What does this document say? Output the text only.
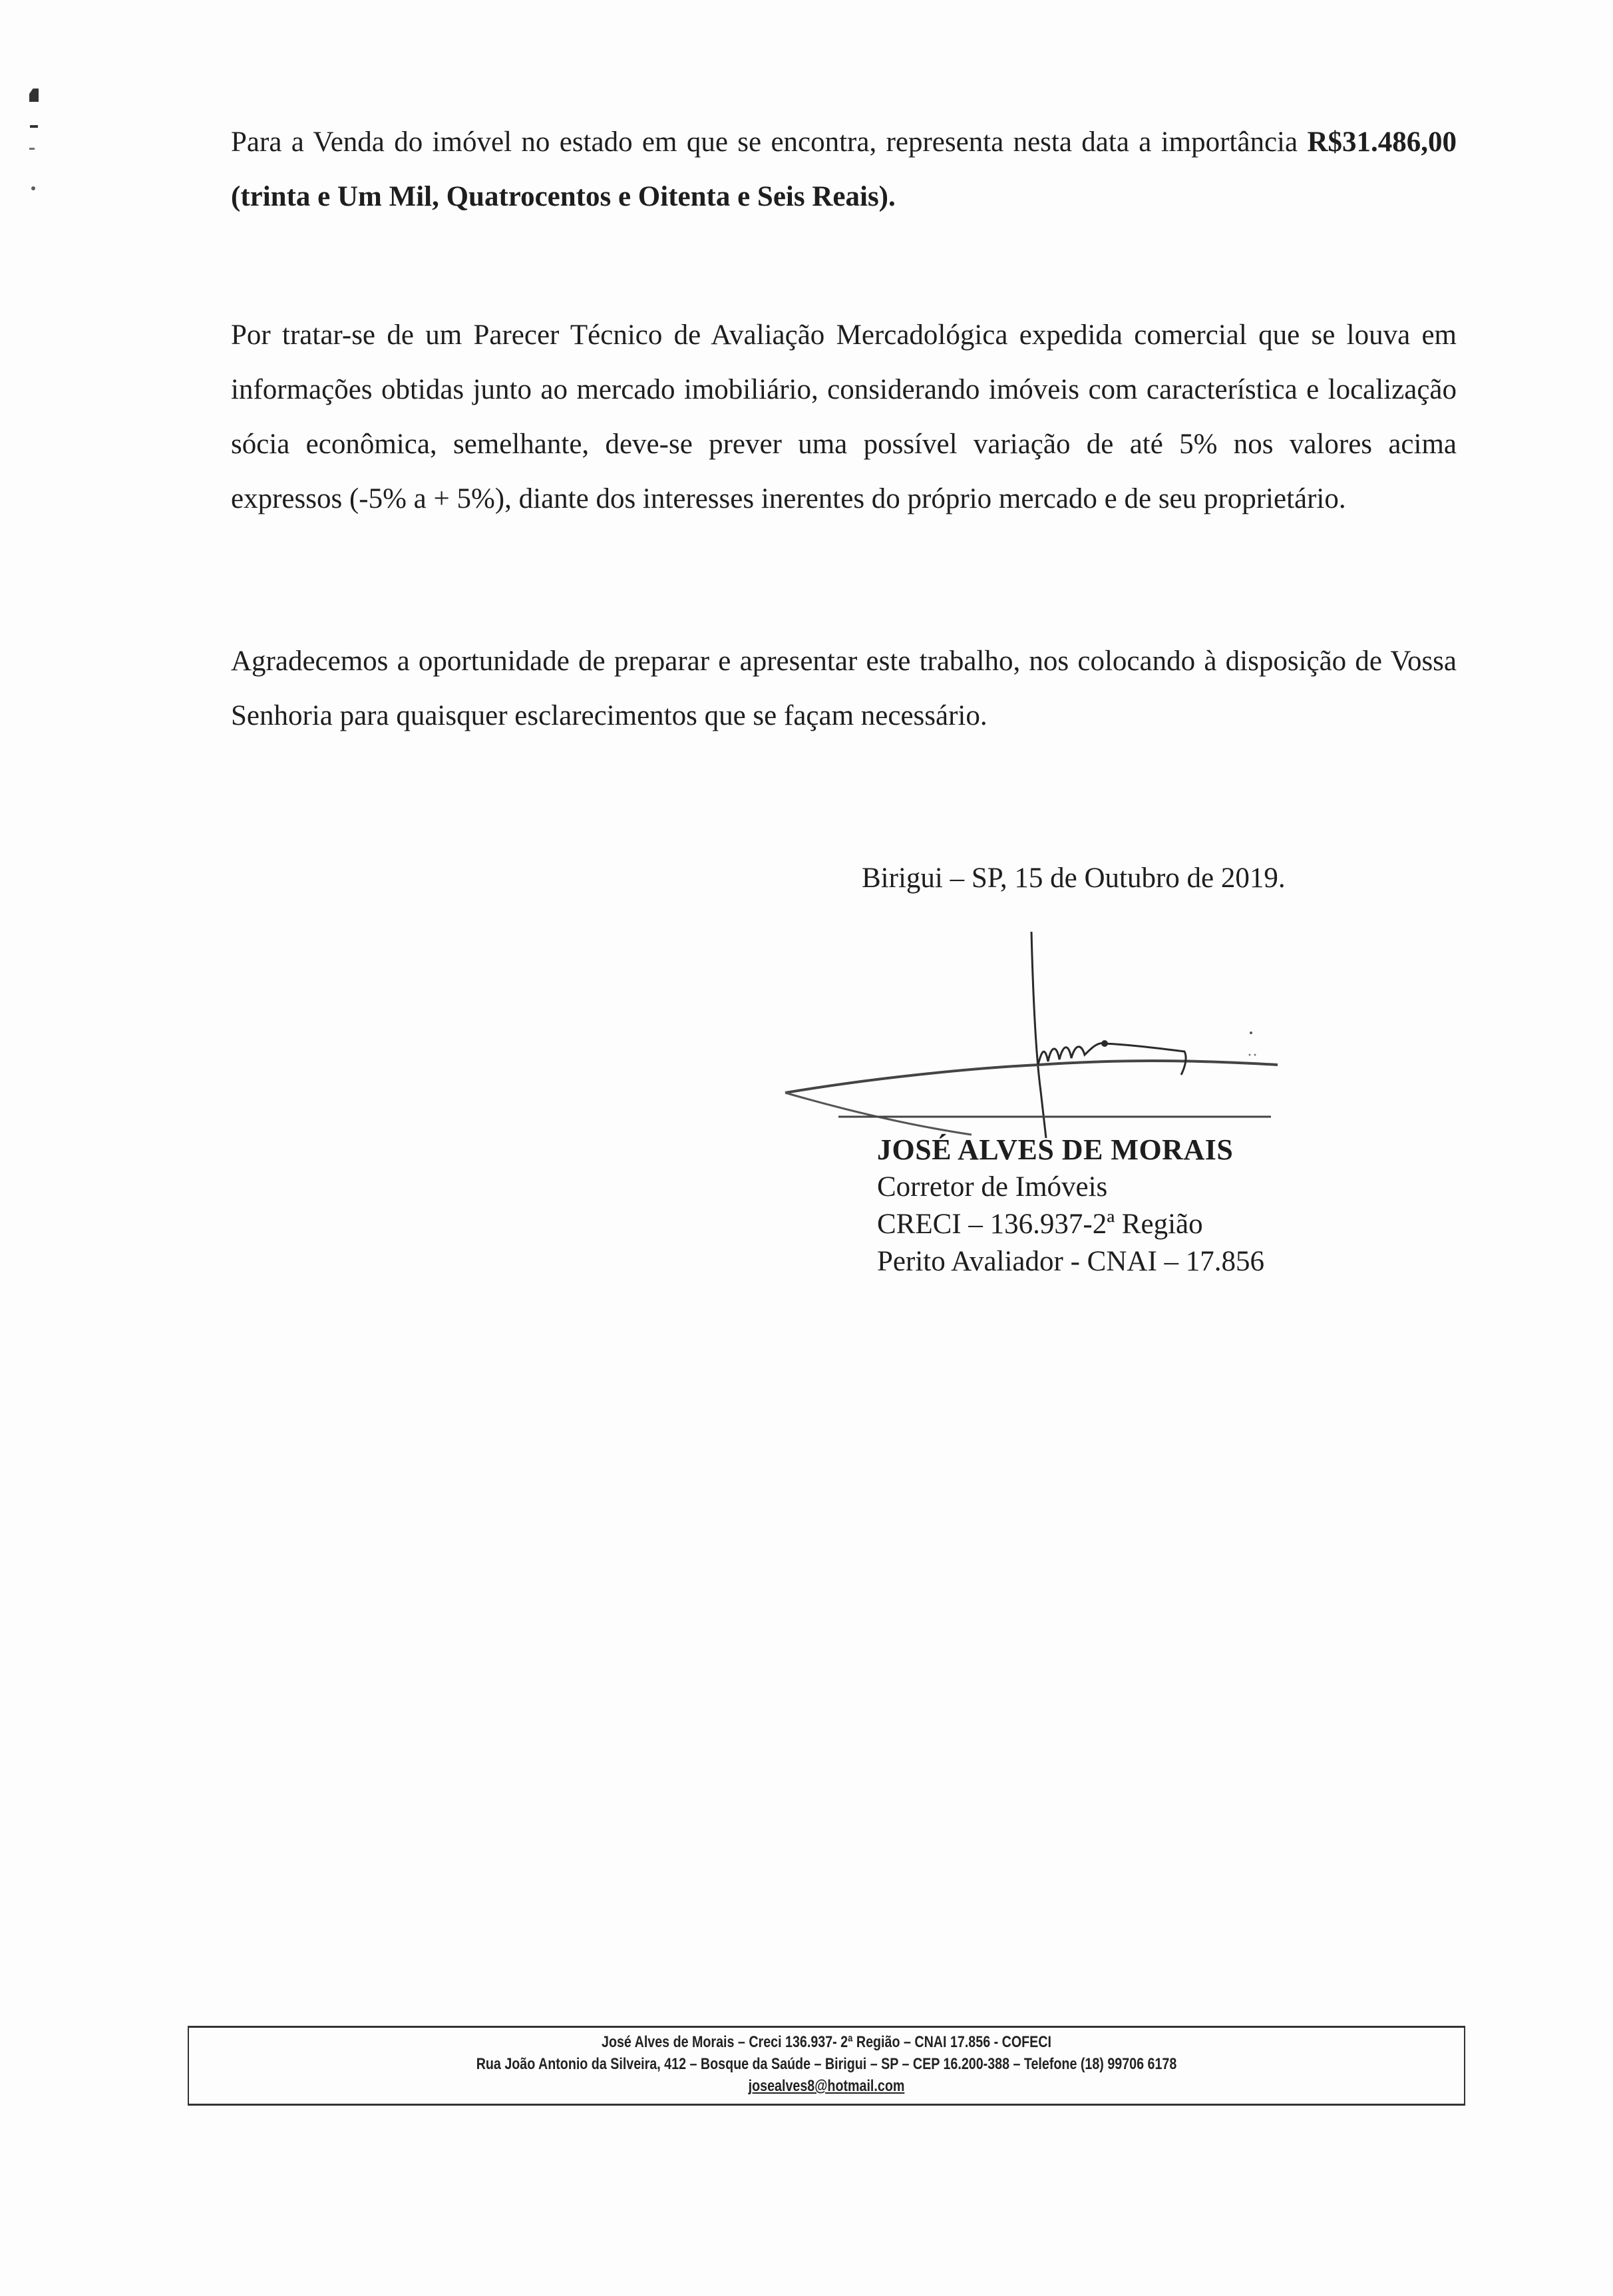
Para a Venda do imóvel no estado em que se encontra, representa nesta data a importância R$31.486,00 (trinta e Um Mil, Quatrocentos e Oitenta e Seis Reais).

Por tratar-se de um Parecer Técnico de Avaliação Mercadológica expedida comercial que se louva em informações obtidas junto ao mercado imobiliário, considerando imóveis com característica e localização sócia econômica, semelhante, deve-se prever uma possível variação de até 5% nos valores acima expressos (-5% a + 5%), diante dos interesses inerentes do próprio mercado e de seu proprietário.

Agradecemos a oportunidade de preparar e apresentar este trabalho, nos colocando à disposição de Vossa Senhoria para quaisquer esclarecimentos que se façam necessário.

Birigui – SP, 15 de Outubro de 2019.
JOSÉ ALVES DE MORAIS
Corretor de Imóveis
CRECI – 136.937-2ª Região
Perito Avaliador - CNAI – 17.856
José Alves de Morais – Creci 136.937- 2ª Região – CNAI 17.856 - COFECI
Rua João Antonio da Silveira, 412 – Bosque da Saúde – Birigui – SP – CEP 16.200-388 – Telefone (18) 99706 6178
josealves8@hotmail.com
